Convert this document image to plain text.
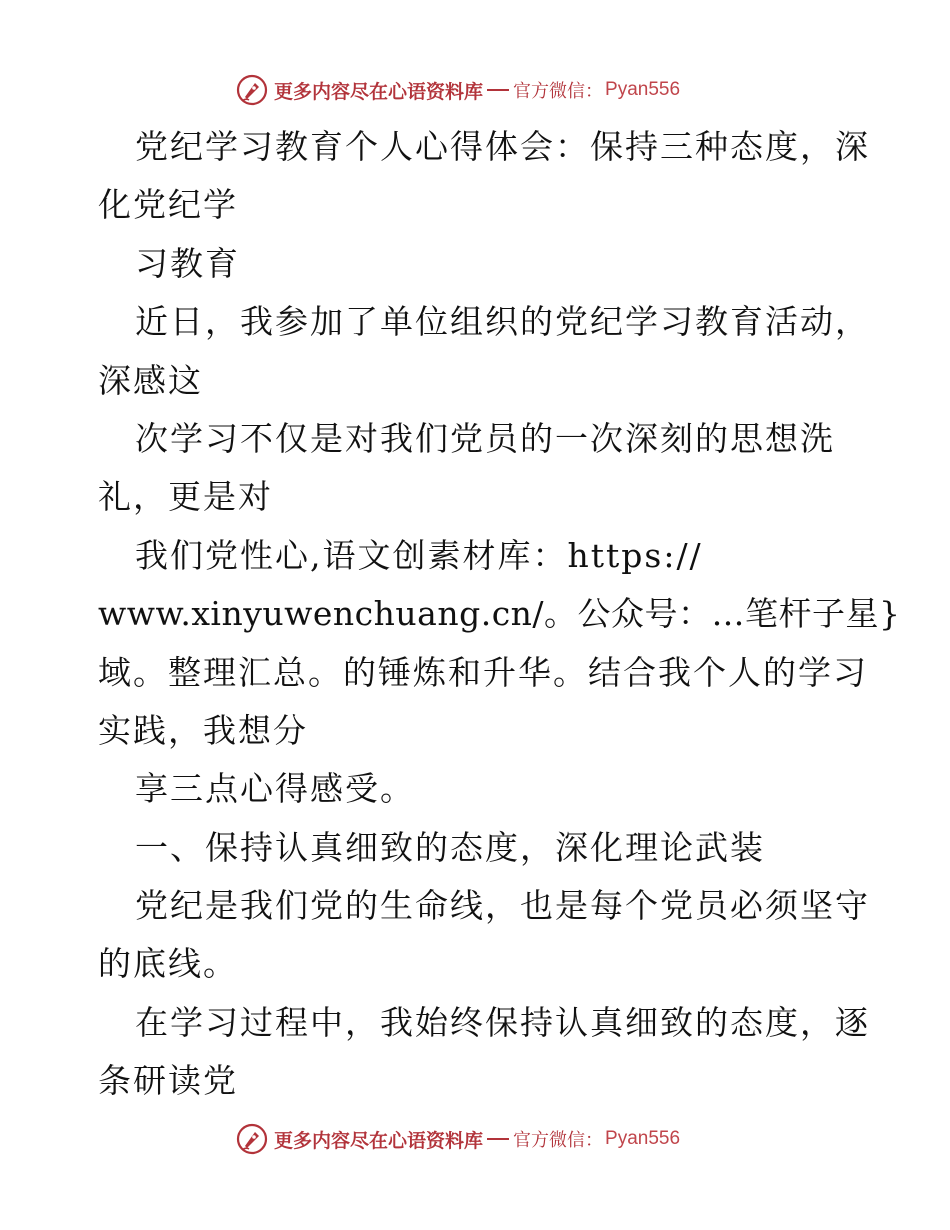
更多内容尽在心语资料库 官方微信： Pyan556
党纪学习教育个人心得体会：保持三种态度，深
化党纪学
习教育
近日，我参加了单位组织的党纪学习教育活动，
深感这
次学习不仅是对我们党员的一次深刻的思想洗
礼，更是对
我们党性心,语文创素材库：https://
www.xinyuwenchuang.cn/。公众号：…笔杆子星}
域。整理汇总。的锤炼和升华。结合我个人的学习
实践，我想分
享三点心得感受。
一、保持认真细致的态度，深化理论武装
党纪是我们党的生命线，也是每个党员必须坚守
的底线。
在学习过程中，我始终保持认真细致的态度，逐
条研读党
更多内容尽在心语资料库 官方微信： Pyan556
